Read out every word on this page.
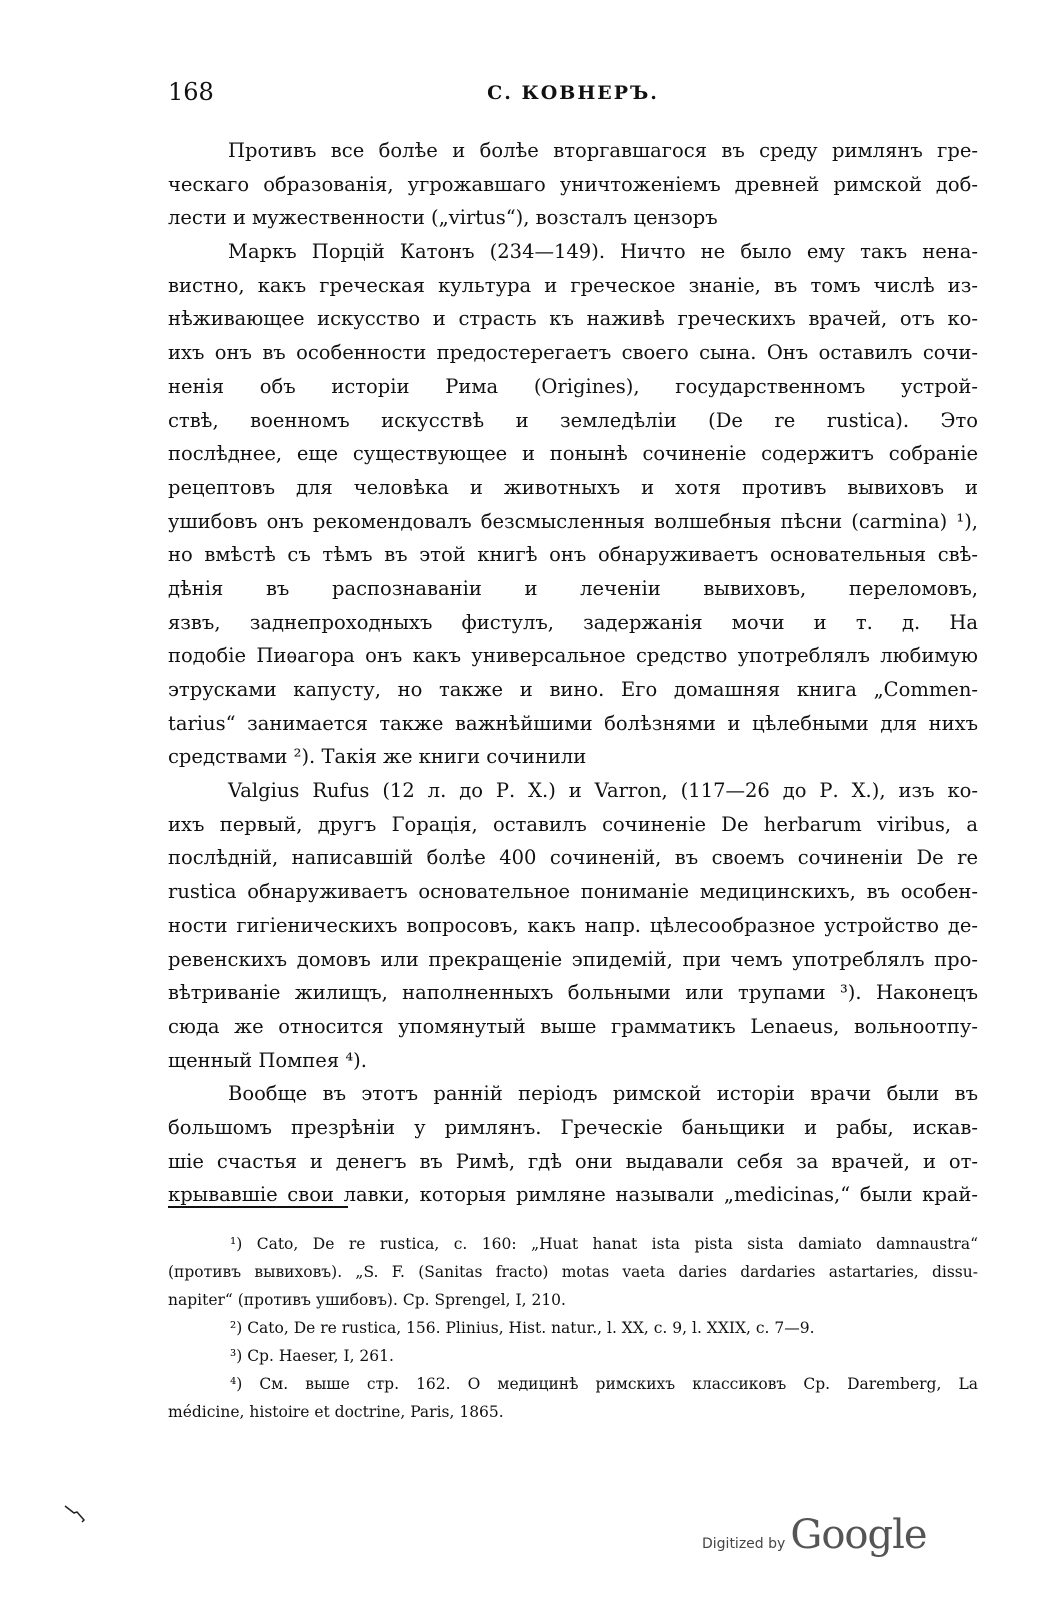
168	С. КОВНЕРЪ.
Противъ все болѣе и болѣе вторгавшагося въ среду римлянъ гре-
ческаго образованія, угрожавшаго уничтоженіемъ древней римской доб-
лести и мужественности („virtus“), возсталъ цензоръ
Маркъ Порцій Катонъ (234—149). Ничто не было ему такъ нена-
вистно, какъ греческая культура и греческое знаніе, въ томъ числѣ из-
нѣживающее искусство и страсть къ наживѣ греческихъ врачей, отъ ко-
ихъ онъ въ особенности предостерегаетъ своего сына. Онъ оставилъ сочи-
ненія объ исторіи Рима (Origines), государственномъ устрой-
ствѣ, военномъ искусствѣ и земледѣліи (De re rustica). Это
послѣднее, еще существующее и понынѣ сочиненіе содержитъ собраніе
рецептовъ для человѣка и животныхъ и хотя противъ вывиховъ и
ушибовъ онъ рекомендовалъ безсмысленныя волшебныя пѣсни (carmina) ¹),
но вмѣстѣ съ тѣмъ въ этой книгѣ онъ обнаруживаетъ основательныя свѣ-
дѣнія въ распознаваніи и леченіи вывиховъ, переломовъ,
язвъ, заднепроходныхъ фистулъ, задержанія мочи и т. д. На
подобіе Пиѳагора онъ какъ универсальное средство употреблялъ любимую
этрусками капусту, но также и вино. Его домашняя книга „Commen-
tarius“ занимается также важнѣйшими болѣзнями и цѣлебными для нихъ
средствами ²). Такія же книги сочинили
Valgius Rufus (12 л. до Р. Х.) и Varron, (117—26 до Р. Х.), изъ ко-
ихъ первый, другъ Горація, оставилъ сочиненіе De herbarum viribus, а
послѣдній, написавшій болѣе 400 сочиненій, въ своемъ сочиненіи De re
rustica обнаруживаетъ основательное пониманіе медицинскихъ, въ особен-
ности гигіеническихъ вопросовъ, какъ напр. цѣлесообразное устройство де-
ревенскихъ домовъ или прекращеніе эпидемій, при чемъ употреблялъ про-
вѣтриваніе жилищъ, наполненныхъ больными или трупами ³). Наконецъ
сюда же относится упомянутый выше грамматикъ Lenaeus, вольноотпу-
щенный Помпея ⁴).
Вообще въ этотъ ранній періодъ римской исторіи врачи были въ
большомъ презрѣніи у римлянъ. Греческіе баньщики и рабы, искав-
шіе счастья и денегъ въ Римѣ, гдѣ они выдавали себя за врачей, и от-
крывавшіе свои лавки, которыя римляне называли „medicinas,“ были край-
¹) Cato, De re rustica, c. 160: „Huat hanat ista pista sista damiato damnaustra“
(противъ вывиховъ). „S. F. (Sanitas fracto) motas vaeta daries dardaries astartaries, dissu-
napiter“ (противъ ушибовъ). Ср. Sprengel, I, 210.
²) Cato, De re rustica, 156. Plinius, Hist. natur., l. XX, c. 9, l. XXIX, c. 7—9.
³) Ср. Haeser, I, 261.
⁴) См. выше стр. 162. О медицинѣ римскихъ классиковъ Ср. Daremberg, La
médicine, histoire et doctrine, Paris, 1865.
Digitized by Google
